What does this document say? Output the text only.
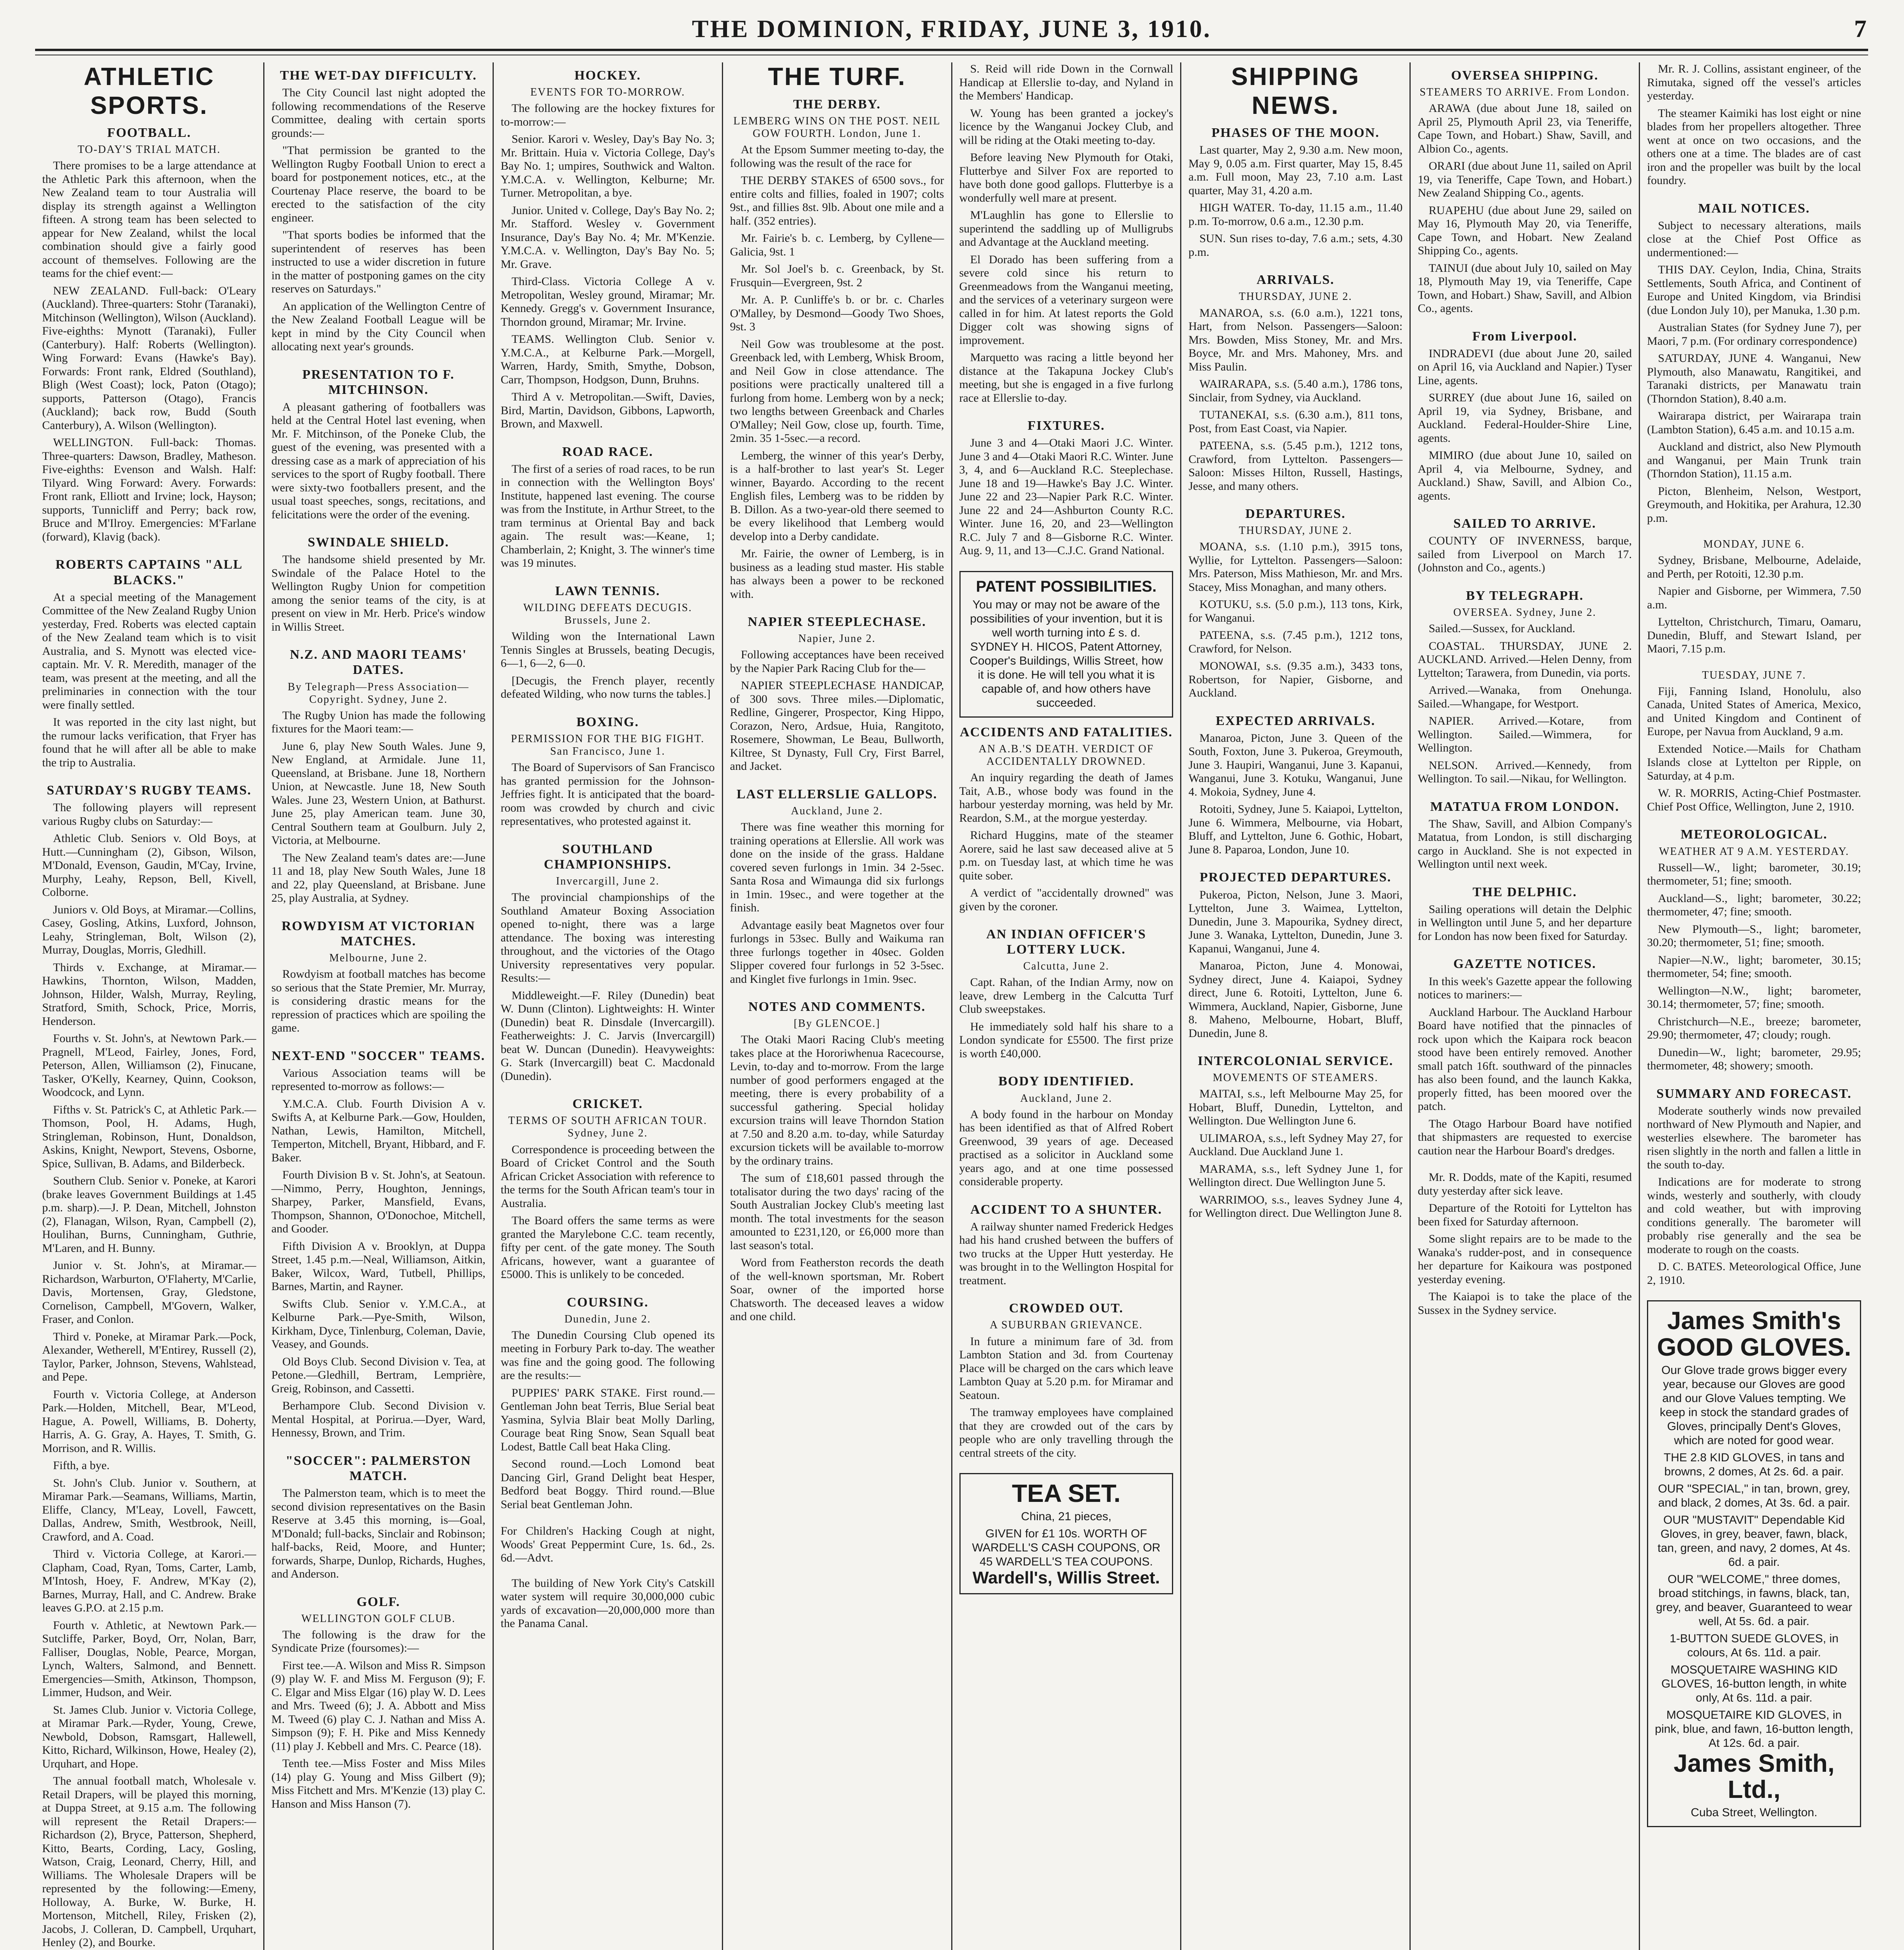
THE DOMINION, FRIDAY, JUNE 3, 1910.	7
ATHLETIC SPORTS.
FOOTBALL.
TO-DAY'S TRIAL MATCH.

There promises to be a large attendance at the Athletic Park this afternoon, when the New Zealand team to tour Australia will display its strength against a Wellington fifteen. A strong team has been selected to appear for New Zealand, whilst the local combination should give a fairly good account of themselves. Following are the teams for the chief event:—

NEW ZEALAND. Full-back: O'Leary (Auckland). Three-quarters: Stohr (Taranaki), Mitchinson (Wellington), Wilson (Auckland). Five-eighths: Mynott (Taranaki), Fuller (Canterbury). Half: Roberts (Wellington). Wing Forward: Evans (Hawke's Bay). Forwards: Front rank, Eldred (Southland), Bligh (West Coast); lock, Paton (Otago); supports, Patterson (Otago), Francis (Auckland); back row, Budd (South Canterbury), A. Wilson (Wellington).

WELLINGTON. Full-back: Thomas. Three-quarters: Dawson, Bradley, Matheson. Five-eighths: Evenson and Walsh. Half: Tilyard. Wing Forward: Avery. Forwards: Front rank, Elliott and Irvine; lock, Hayson; supports, Tunnicliff and Perry; back row, Bruce and M'Ilroy. Emergencies: M'Farlane (forward), Klavig (back).

ROBERTS CAPTAINS "ALL BLACKS."

At a special meeting of the Management Committee of the New Zealand Rugby Union yesterday, Fred. Roberts was elected captain of the New Zealand team which is to visit Australia, and S. Mynott was elected vice-captain. Mr. V. R. Meredith, manager of the team, was present at the meeting, and all the preliminaries in connection with the tour were finally settled.

It was reported in the city last night, but the rumour lacks verification, that Fryer has found that he will after all be able to make the trip to Australia.

SATURDAY'S RUGBY TEAMS.

The following players will represent various Rugby clubs on Saturday:—

Athletic Club. Seniors v. Old Boys, at Hutt.—Cunningham (2), Gibson, Wilson, M'Donald, Evenson, Gaudin, M'Cay, Irvine, Murphy, Leahy, Repson, Bell, Kivell, Colborne.

Juniors v. Old Boys, at Miramar.—Collins, Casey, Gosling, Atkins, Luxford, Johnson, Leahy, Stringleman, Bolt, Wilson (2), Murray, Douglas, Morris, Gledhill.

Thirds v. Exchange, at Miramar.—Hawkins, Thornton, Wilson, Madden, Johnson, Hilder, Walsh, Murray, Reyling, Stratford, Smith, Schock, Price, Morris, Henderson.

Fourths v. St. John's, at Newtown Park.—Pragnell, M'Leod, Fairley, Jones, Ford, Peterson, Allen, Williamson (2), Finucane, Tasker, O'Kelly, Kearney, Quinn, Cookson, Woodcock, and Lynn.

Fifths v. St. Patrick's C, at Athletic Park.—Thomson, Pool, H. Adams, Hugh, Stringleman, Robinson, Hunt, Donaldson, Askins, Knight, Newport, Stevens, Osborne, Spice, Sullivan, B. Adams, and Bilderbeck.

Southern Club. Senior v. Poneke, at Karori (brake leaves Government Buildings at 1.45 p.m. sharp).—J. P. Dean, Mitchell, Johnston (2), Flanagan, Wilson, Ryan, Campbell (2), Houlihan, Burns, Cunningham, Guthrie, M'Laren, and H. Bunny.

Junior v. St. John's, at Miramar.—Richardson, Warburton, O'Flaherty, M'Carlie, Davis, Mortensen, Gray, Gledstone, Cornelison, Campbell, M'Govern, Walker, Fraser, and Conlon.

Third v. Poneke, at Miramar Park.—Pock, Alexander, Wetherell, M'Entirey, Russell (2), Taylor, Parker, Johnson, Stevens, Wahlstead, and Pepe.

Fourth v. Victoria College, at Anderson Park.—Holden, Mitchell, Bear, M'Leod, Hague, A. Powell, Williams, B. Doherty, Harris, A. G. Gray, A. Hayes, T. Smith, G. Morrison, and R. Willis.

Fifth, a bye.

St. John's Club. Junior v. Southern, at Miramar Park.—Seamans, Williams, Martin, Eliffe, Clancy, M'Leay, Lovell, Fawcett, Dallas, Andrew, Smith, Westbrook, Neill, Crawford, and A. Coad.

Third v. Victoria College, at Karori.—Clapham, Coad, Ryan, Toms, Carter, Lamb, M'Intosh, Hoey, F. Andrew, M'Kay (2), Barnes, Murray, Hall, and C. Andrew. Brake leaves G.P.O. at 2.15 p.m.

Fourth v. Athletic, at Newtown Park.—Sutcliffe, Parker, Boyd, Orr, Nolan, Barr, Falliser, Douglas, Noble, Pearce, Morgan, Lynch, Walters, Salmond, and Bennett. Emergencies—Smith, Atkinson, Thompson, Limmer, Hudson, and Weir.

St. James Club. Junior v. Victoria College, at Miramar Park.—Ryder, Young, Crewe, Newbold, Dobson, Ramsgart, Hallewell, Kitto, Richard, Wilkinson, Howe, Healey (2), Urquhart, and Hope.

The annual football match, Wholesale v. Retail Drapers, will be played this morning, at Duppa Street, at 9.15 a.m. The following will represent the Retail Drapers:—Richardson (2), Bryce, Patterson, Shepherd, Kitto, Bearts, Cording, Lacy, Gosling, Watson, Craig, Leonard, Cherry, Hill, and Williams. The Wholesale Drapers will be represented by the following:—Emeny, Holloway, A. Burke, W. Burke, H. Mortenson, Mitchell, Riley, Frisken (2), Jacobs, J. Colleran, D. Campbell, Urquhart, Henley (2), and Bourke.

THE WET-DAY DIFFICULTY.

The City Council last night adopted the following recommendations of the Reserve Committee, dealing with certain sports grounds:—

"That permission be granted to the Wellington Rugby Football Union to erect a board for postponement notices, etc., at the Courtenay Place reserve, the board to be erected to the satisfaction of the city engineer.

"That sports bodies be informed that the superintendent of reserves has been instructed to use a wider discretion in future in the matter of postponing games on the city reserves on Saturdays."

An application of the Wellington Centre of the New Zealand Football League will be kept in mind by the City Council when allocating next year's grounds.

PRESENTATION TO F. MITCHINSON.

A pleasant gathering of footballers was held at the Central Hotel last evening, when Mr. F. Mitchinson, of the Poneke Club, the guest of the evening, was presented with a dressing case as a mark of appreciation of his services to the sport of Rugby football. There were sixty-two footballers present, and the usual toast speeches, songs, recitations, and felicitations were the order of the evening.

SWINDALE SHIELD.

The handsome shield presented by Mr. Swindale of the Palace Hotel to the Wellington Rugby Union for competition among the senior teams of the city, is at present on view in Mr. Herb. Price's window in Willis Street.

N.Z. AND MAORI TEAMS' DATES.
By Telegraph—Press Association—Copyright. Sydney, June 2.

The Rugby Union has made the following fixtures for the Maori team:—

June 6, play New South Wales. June 9, New England, at Armidale. June 11, Queensland, at Brisbane. June 18, Northern Union, at Newcastle. June 18, New South Wales. June 23, Western Union, at Bathurst. June 25, play American team. June 30, Central Southern team at Goulburn. July 2, Victoria, at Melbourne.

The New Zealand team's dates are:—June 11 and 18, play New South Wales, June 18 and 22, play Queensland, at Brisbane. June 25, play Australia, at Sydney.

ROWDYISM AT VICTORIAN MATCHES.
Melbourne, June 2.

Rowdyism at football matches has become so serious that the State Premier, Mr. Murray, is considering drastic means for the repression of practices which are spoiling the game.

NEXT-END "SOCCER" TEAMS.

Various Association teams will be represented to-morrow as follows:—

Y.M.C.A. Club. Fourth Division A v. Swifts A, at Kelburne Park.—Gow, Houlden, Nathan, Lewis, Hamilton, Mitchell, Temperton, Mitchell, Bryant, Hibbard, and F. Baker.

Fourth Division B v. St. John's, at Seatoun.—Nimmo, Perry, Houghton, Jennings, Sharpey, Parker, Mansfield, Evans, Thompson, Shannon, O'Donochoe, Mitchell, and Gooder.

Fifth Division A v. Brooklyn, at Duppa Street, 1.45 p.m.—Neal, Williamson, Aitkin, Baker, Wilcox, Ward, Tutbell, Phillips, Barnes, Martin, and Rayner.

Swifts Club. Senior v. Y.M.C.A., at Kelburne Park.—Pye-Smith, Wilson, Kirkham, Dyce, Tinlenburg, Coleman, Davie, Veasey, and Gounds.

Old Boys Club. Second Division v. Tea, at Petone.—Gledhill, Bertram, Lemprière, Greig, Robinson, and Cassetti.

Berhampore Club. Second Division v. Mental Hospital, at Porirua.—Dyer, Ward, Hennessy, Brown, and Trim.

"SOCCER": PALMERSTON MATCH.

The Palmerston team, which is to meet the second division representatives on the Basin Reserve at 3.45 this morning, is—Goal, M'Donald; full-backs, Sinclair and Robinson; half-backs, Reid, Moore, and Hunter; forwards, Sharpe, Dunlop, Richards, Hughes, and Anderson.

GOLF.
WELLINGTON GOLF CLUB.

The following is the draw for the Syndicate Prize (foursomes):—

First tee.—A. Wilson and Miss R. Simpson (9) play W. F. and Miss M. Ferguson (9); F. C. Elgar and Miss Elgar (16) play W. D. Lees and Mrs. Tweed (6); J. A. Abbott and Miss M. Tweed (6) play C. J. Nathan and Miss A. Simpson (9); F. H. Pike and Miss Kennedy (11) play J. Kebbell and Mrs. C. Pearce (18).

Tenth tee.—Miss Foster and Miss Miles (14) play G. Young and Miss Gilbert (9); Miss Fitchett and Mrs. M'Kenzie (13) play C. Hanson and Miss Hanson (7).

HOCKEY.
EVENTS FOR TO-MORROW.

The following are the hockey fixtures for to-morrow:—

Senior. Karori v. Wesley, Day's Bay No. 3; Mr. Brittain. Huia v. Victoria College, Day's Bay No. 1; umpires, Southwick and Walton. Y.M.C.A. v. Wellington, Kelburne; Mr. Turner. Metropolitan, a bye.

Junior. United v. College, Day's Bay No. 2; Mr. Stafford. Wesley v. Government Insurance, Day's Bay No. 4; Mr. M'Kenzie. Y.M.C.A. v. Wellington, Day's Bay No. 5; Mr. Grave.

Third-Class. Victoria College A v. Metropolitan, Wesley ground, Miramar; Mr. Kennedy. Gregg's v. Government Insurance, Thorndon ground, Miramar; Mr. Irvine.

TEAMS. Wellington Club. Senior v. Y.M.C.A., at Kelburne Park.—Morgell, Warren, Hardy, Smith, Smythe, Dobson, Carr, Thompson, Hodgson, Dunn, Bruhns.

Third A v. Metropolitan.—Swift, Davies, Bird, Martin, Davidson, Gibbons, Lapworth, Brown, and Maxwell.

ROAD RACE.

The first of a series of road races, to be run in connection with the Wellington Boys' Institute, happened last evening. The course was from the Institute, in Arthur Street, to the tram terminus at Oriental Bay and back again. The result was:—Keane, 1; Chamberlain, 2; Knight, 3. The winner's time was 19 minutes.

LAWN TENNIS.
WILDING DEFEATS DECUGIS. Brussels, June 2.

Wilding won the International Lawn Tennis Singles at Brussels, beating Decugis, 6—1, 6—2, 6—0.

[Decugis, the French player, recently defeated Wilding, who now turns the tables.]

BOXING.
PERMISSION FOR THE BIG FIGHT. San Francisco, June 1.

The Board of Supervisors of San Francisco has granted permission for the Johnson-Jeffries fight. It is anticipated that the board-room was crowded by church and civic representatives, who protested against it.

SOUTHLAND CHAMPIONSHIPS.
Invercargill, June 2.

The provincial championships of the Southland Amateur Boxing Association opened to-night, there was a large attendance. The boxing was interesting throughout, and the victories of the Otago University representatives very popular. Results:—

Middleweight.—F. Riley (Dunedin) beat W. Dunn (Clinton). Lightweights: H. Winter (Dunedin) beat R. Dinsdale (Invercargill). Featherweights: J. C. Jarvis (Invercargill) beat W. Duncan (Dunedin). Heavyweights: G. Stark (Invercargill) beat C. Macdonald (Dunedin).

CRICKET.
TERMS OF SOUTH AFRICAN TOUR. Sydney, June 2.

Correspondence is proceeding between the Board of Cricket Control and the South African Cricket Association with reference to the terms for the South African team's tour in Australia.

The Board offers the same terms as were granted the Marylebone C.C. team recently, fifty per cent. of the gate money. The South Africans, however, want a guarantee of £5000. This is unlikely to be conceded.

COURSING.
Dunedin, June 2.

The Dunedin Coursing Club opened its meeting in Forbury Park to-day. The weather was fine and the going good. The following are the results:—

PUPPIES' PARK STAKE. First round.—Gentleman John beat Terris, Blue Serial beat Yasmina, Sylvia Blair beat Molly Darling, Courage beat Ring Snow, Sean Squall beat Lodest, Battle Call beat Haka Cling.

Second round.—Loch Lomond beat Dancing Girl, Grand Delight beat Hesper, Bedford beat Boggy. Third round.—Blue Serial beat Gentleman John.

For Children's Hacking Cough at night, Woods' Great Peppermint Cure, 1s. 6d., 2s. 6d.—Advt.

The building of New York City's Catskill water system will require 30,000,000 cubic yards of excavation—20,000,000 more than the Panama Canal.

THE TURF.
THE DERBY.
LEMBERG WINS ON THE POST. NEIL GOW FOURTH. London, June 1.

At the Epsom Summer meeting to-day, the following was the result of the race for

THE DERBY STAKES of 6500 sovs., for entire colts and fillies, foaled in 1907; colts 9st., and fillies 8st. 9lb. About one mile and a half. (352 entries).

Mr. Fairie's b. c. Lemberg, by Cyllene—Galicia, 9st. 1

Mr. Sol Joel's b. c. Greenback, by St. Frusquin—Evergreen, 9st. 2

Mr. A. P. Cunliffe's b. or br. c. Charles O'Malley, by Desmond—Goody Two Shoes, 9st. 3

Neil Gow was troublesome at the post. Greenback led, with Lemberg, Whisk Broom, and Neil Gow in close attendance. The positions were practically unaltered till a furlong from home. Lemberg won by a neck; two lengths between Greenback and Charles O'Malley; Neil Gow, close up, fourth. Time, 2min. 35 1-5sec.—a record.

Lemberg, the winner of this year's Derby, is a half-brother to last year's St. Leger winner, Bayardo. According to the recent English files, Lemberg was to be ridden by B. Dillon. As a two-year-old there seemed to be every likelihood that Lemberg would develop into a Derby candidate.

Mr. Fairie, the owner of Lemberg, is in business as a leading stud master. His stable has always been a power to be reckoned with.

NAPIER STEEPLECHASE.
Napier, June 2.

Following acceptances have been received by the Napier Park Racing Club for the—

NAPIER STEEPLECHASE HANDICAP, of 300 sovs. Three miles.—Diplomatic, Redline, Gingerer, Prospector, King Hippo, Corazon, Nero, Ardsue, Huia, Rangitoto, Rosemere, Showman, Le Beau, Bullworth, Kiltree, St Dynasty, Full Cry, First Barrel, and Jacket.

LAST ELLERSLIE GALLOPS.
Auckland, June 2.

There was fine weather this morning for training operations at Ellerslie. All work was done on the inside of the grass. Haldane covered seven furlongs in 1min. 34 2-5sec. Santa Rosa and Wimaunga did six furlongs in 1min. 19sec., and were together at the finish.

Advantage easily beat Magnetos over four furlongs in 53sec. Bully and Waikuma ran three furlongs together in 40sec. Golden Slipper covered four furlongs in 52 3-5sec. and Kinglet five furlongs in 1min. 9sec.

NOTES AND COMMENTS.
[By GLENCOE.]

The Otaki Maori Racing Club's meeting takes place at the Hororiwhenua Racecourse, Levin, to-day and to-morrow. From the large number of good performers engaged at the meeting, there is every probability of a successful gathering. Special holiday excursion trains will leave Thorndon Station at 7.50 and 8.20 a.m. to-day, while Saturday excursion tickets will be available to-morrow by the ordinary trains.

The sum of £18,601 passed through the totalisator during the two days' racing of the South Australian Jockey Club's meeting last month. The total investments for the season amounted to £231,120, or £6,000 more than last season's total.

Word from Featherston records the death of the well-known sportsman, Mr. Robert Soar, owner of the imported horse Chatsworth. The deceased leaves a widow and one child.

S. Reid will ride Down in the Cornwall Handicap at Ellerslie to-day, and Nyland in the Members' Handicap.

W. Young has been granted a jockey's licence by the Wanganui Jockey Club, and will be riding at the Otaki meeting to-day.

Before leaving New Plymouth for Otaki, Flutterbye and Silver Fox are reported to have both done good gallops. Flutterbye is a wonderfully well mare at present.

M'Laughlin has gone to Ellerslie to superintend the saddling up of Mulligrubs and Advantage at the Auckland meeting.

El Dorado has been suffering from a severe cold since his return to Greenmeadows from the Wanganui meeting, and the services of a veterinary surgeon were called in for him. At latest reports the Gold Digger colt was showing signs of improvement.

Marquetto was racing a little beyond her distance at the Takapuna Jockey Club's meeting, but she is engaged in a five furlong race at Ellerslie to-day.

FIXTURES.

June 3 and 4—Otaki Maori J.C. Winter. June 3 and 4—Otaki Maori R.C. Winter. June 3, 4, and 6—Auckland R.C. Steeplechase. June 18 and 19—Hawke's Bay J.C. Winter. June 22 and 23—Napier Park R.C. Winter. June 22 and 24—Ashburton County R.C. Winter. June 16, 20, and 23—Wellington R.C. July 7 and 8—Gisborne R.C. Winter. Aug. 9, 11, and 13—C.J.C. Grand National.

PATENT POSSIBILITIES.
You may or may not be aware of the possibilities of your invention, but it is well worth turning into £ s. d. SYDNEY H. HICOS, Patent Attorney, Cooper's Buildings, Willis Street, how it is done. He will tell you what it is capable of, and how others have succeeded.
ACCIDENTS AND FATALITIES.
AN A.B.'S DEATH. VERDICT OF ACCIDENTALLY DROWNED.

An inquiry regarding the death of James Tait, A.B., whose body was found in the harbour yesterday morning, was held by Mr. Reardon, S.M., at the morgue yesterday.

Richard Huggins, mate of the steamer Aorere, said he last saw deceased alive at 5 p.m. on Tuesday last, at which time he was quite sober.

A verdict of "accidentally drowned" was given by the coroner.

AN INDIAN OFFICER'S LOTTERY LUCK.
Calcutta, June 2.

Capt. Rahan, of the Indian Army, now on leave, drew Lemberg in the Calcutta Turf Club sweepstakes.

He immediately sold half his share to a London syndicate for £5500. The first prize is worth £40,000.

BODY IDENTIFIED.
Auckland, June 2.

A body found in the harbour on Monday has been identified as that of Alfred Robert Greenwood, 39 years of age. Deceased practised as a solicitor in Auckland some years ago, and at one time possessed considerable property.

ACCIDENT TO A SHUNTER.

A railway shunter named Frederick Hedges had his hand crushed between the buffers of two trucks at the Upper Hutt yesterday. He was brought in to the Wellington Hospital for treatment.

CROWDED OUT.
A SUBURBAN GRIEVANCE.

In future a minimum fare of 3d. from Lambton Station and 3d. from Courtenay Place will be charged on the cars which leave Lambton Quay at 5.20 p.m. for Miramar and Seatoun.

The tramway employees have complained that they are crowded out of the cars by people who are only travelling through the central streets of the city.

TEA SET.
China, 21 pieces,
GIVEN for £1 10s. WORTH OF WARDELL'S CASH COUPONS, OR 45 WARDELL'S TEA COUPONS.
Wardell's, Willis Street.
SHIPPING NEWS.
PHASES OF THE MOON.

Last quarter, May 2, 9.30 a.m. New moon, May 9, 0.05 a.m. First quarter, May 15, 8.45 a.m. Full moon, May 23, 7.10 a.m. Last quarter, May 31, 4.20 a.m.

HIGH WATER. To-day, 11.15 a.m., 11.40 p.m. To-morrow, 0.6 a.m., 12.30 p.m.

SUN. Sun rises to-day, 7.6 a.m.; sets, 4.30 p.m.

ARRIVALS.
THURSDAY, JUNE 2.

MANAROA, s.s. (6.0 a.m.), 1221 tons, Hart, from Nelson. Passengers—Saloon: Mrs. Bowden, Miss Stoney, Mr. and Mrs. Boyce, Mr. and Mrs. Mahoney, Mrs. and Miss Paulin.

WAIRARAPA, s.s. (5.40 a.m.), 1786 tons, Sinclair, from Sydney, via Auckland.

TUTANEKAI, s.s. (6.30 a.m.), 811 tons, Post, from East Coast, via Napier.

PATEENA, s.s. (5.45 p.m.), 1212 tons, Crawford, from Lyttelton. Passengers—Saloon: Misses Hilton, Russell, Hastings, Jesse, and many others.

DEPARTURES.
THURSDAY, JUNE 2.

MOANA, s.s. (1.10 p.m.), 3915 tons, Wyllie, for Lyttelton. Passengers—Saloon: Mrs. Paterson, Miss Mathieson, Mr. and Mrs. Stacey, Miss Monaghan, and many others.

KOTUKU, s.s. (5.0 p.m.), 113 tons, Kirk, for Wanganui.

PATEENA, s.s. (7.45 p.m.), 1212 tons, Crawford, for Nelson.

MONOWAI, s.s. (9.35 a.m.), 3433 tons, Robertson, for Napier, Gisborne, and Auckland.

EXPECTED ARRIVALS.

Manaroa, Picton, June 3. Queen of the South, Foxton, June 3. Pukeroa, Greymouth, June 3. Haupiri, Wanganui, June 3. Kapanui, Wanganui, June 3. Kotuku, Wanganui, June 4. Mokoia, Sydney, June 4.

Rotoiti, Sydney, June 5. Kaiapoi, Lyttelton, June 6. Wimmera, Melbourne, via Hobart, Bluff, and Lyttelton, June 6. Gothic, Hobart, June 8. Paparoa, London, June 10.

PROJECTED DEPARTURES.

Pukeroa, Picton, Nelson, June 3. Maori, Lyttelton, June 3. Waimea, Lyttelton, Dunedin, June 3. Mapourika, Sydney direct, June 3. Wanaka, Lyttelton, Dunedin, June 3. Kapanui, Wanganui, June 4.

Manaroa, Picton, June 4. Monowai, Sydney direct, June 4. Kaiapoi, Sydney direct, June 6. Rotoiti, Lyttelton, June 6. Wimmera, Auckland, Napier, Gisborne, June 8. Maheno, Melbourne, Hobart, Bluff, Dunedin, June 8.

INTERCOLONIAL SERVICE.
MOVEMENTS OF STEAMERS.

MAITAI, s.s., left Melbourne May 25, for Hobart, Bluff, Dunedin, Lyttelton, and Wellington. Due Wellington June 6.

ULIMAROA, s.s., left Sydney May 27, for Auckland. Due Auckland June 1.

MARAMA, s.s., left Sydney June 1, for Wellington direct. Due Wellington June 5.

WARRIMOO, s.s., leaves Sydney June 4, for Wellington direct. Due Wellington June 8.

OVERSEA SHIPPING.
STEAMERS TO ARRIVE. From London.

ARAWA (due about June 18, sailed on April 25, Plymouth April 23, via Teneriffe, Cape Town, and Hobart.) Shaw, Savill, and Albion Co., agents.

ORARI (due about June 11, sailed on April 19, via Teneriffe, Cape Town, and Hobart.) New Zealand Shipping Co., agents.

RUAPEHU (due about June 29, sailed on May 16, Plymouth May 20, via Teneriffe, Cape Town, and Hobart. New Zealand Shipping Co., agents.

TAINUI (due about July 10, sailed on May 18, Plymouth May 19, via Teneriffe, Cape Town, and Hobart.) Shaw, Savill, and Albion Co., agents.

From Liverpool.

INDRADEVI (due about June 20, sailed on April 16, via Auckland and Napier.) Tyser Line, agents.

SURREY (due about June 16, sailed on April 19, via Sydney, Brisbane, and Auckland. Federal-Houlder-Shire Line, agents.

MIMIRO (due about June 10, sailed on April 4, via Melbourne, Sydney, and Auckland.) Shaw, Savill, and Albion Co., agents.

SAILED TO ARRIVE.

COUNTY OF INVERNESS, barque, sailed from Liverpool on March 17. (Johnston and Co., agents.)

BY TELEGRAPH.
OVERSEA. Sydney, June 2.

Sailed.—Sussex, for Auckland.

COASTAL. THURSDAY, JUNE 2. AUCKLAND. Arrived.—Helen Denny, from Lyttelton; Tarawera, from Dunedin, via ports.

Arrived.—Wanaka, from Onehunga. Sailed.—Whangape, for Westport.

NAPIER. Arrived.—Kotare, from Wellington. Sailed.—Wimmera, for Wellington.

NELSON. Arrived.—Kennedy, from Wellington. To sail.—Nikau, for Wellington.

MATATUA FROM LONDON.

The Shaw, Savill, and Albion Company's Matatua, from London, is still discharging cargo in Auckland. She is not expected in Wellington until next week.

THE DELPHIC.

Sailing operations will detain the Delphic in Wellington until June 5, and her departure for London has now been fixed for Saturday.

GAZETTE NOTICES.

In this week's Gazette appear the following notices to mariners:—

Auckland Harbour. The Auckland Harbour Board have notified that the pinnacles of rock upon which the Kaipara rock beacon stood have been entirely removed. Another small patch 16ft. southward of the pinnacles has also been found, and the launch Kakka, properly fitted, has been moored over the patch.

The Otago Harbour Board have notified that shipmasters are requested to exercise caution near the Harbour Board's dredges.

Mr. R. Dodds, mate of the Kapiti, resumed duty yesterday after sick leave.

Departure of the Rotoiti for Lyttelton has been fixed for Saturday afternoon.

Some slight repairs are to be made to the Wanaka's rudder-post, and in consequence her departure for Kaikoura was postponed yesterday evening.

The Kaiapoi is to take the place of the Sussex in the Sydney service.

Mr. R. J. Collins, assistant engineer, of the Rimutaka, signed off the vessel's articles yesterday.

The steamer Kaimiki has lost eight or nine blades from her propellers altogether. Three went at once on two occasions, and the others one at a time. The blades are of cast iron and the propeller was built by the local foundry.

MAIL NOTICES.

Subject to necessary alterations, mails close at the Chief Post Office as undermentioned:—

THIS DAY. Ceylon, India, China, Straits Settlements, South Africa, and Continent of Europe and United Kingdom, via Brindisi (due London July 10), per Manuka, 1.30 p.m.

Australian States (for Sydney June 7), per Maori, 7 p.m. (For ordinary correspondence)

SATURDAY, JUNE 4. Wanganui, New Plymouth, also Manawatu, Rangitikei, and Taranaki districts, per Manawatu train (Thorndon Station), 8.40 a.m.

Wairarapa district, per Wairarapa train (Lambton Station), 6.45 a.m. and 10.15 a.m.

Auckland and district, also New Plymouth and Wanganui, per Main Trunk train (Thorndon Station), 11.15 a.m.

Picton, Blenheim, Nelson, Westport, Greymouth, and Hokitika, per Arahura, 12.30 p.m.

MONDAY, JUNE 6.

Sydney, Brisbane, Melbourne, Adelaide, and Perth, per Rotoiti, 12.30 p.m.

Napier and Gisborne, per Wimmera, 7.50 a.m.

Lyttelton, Christchurch, Timaru, Oamaru, Dunedin, Bluff, and Stewart Island, per Maori, 7.15 p.m.

TUESDAY, JUNE 7.

Fiji, Fanning Island, Honolulu, also Canada, United States of America, Mexico, and United Kingdom and Continent of Europe, per Navua from Auckland, 9 a.m.

Extended Notice.—Mails for Chatham Islands close at Lyttelton per Ripple, on Saturday, at 4 p.m.

W. R. MORRIS, Acting-Chief Postmaster. Chief Post Office, Wellington, June 2, 1910.

METEOROLOGICAL.
WEATHER AT 9 A.M. YESTERDAY.

Russell—W., light; barometer, 30.19; thermometer, 51; fine; smooth.

Auckland—S., light; barometer, 30.22; thermometer, 47; fine; smooth.

New Plymouth—S., light; barometer, 30.20; thermometer, 51; fine; smooth.

Napier—N.W., light; barometer, 30.15; thermometer, 54; fine; smooth.

Wellington—N.W., light; barometer, 30.14; thermometer, 57; fine; smooth.

Christchurch—N.E., breeze; barometer, 29.90; thermometer, 47; cloudy; rough.

Dunedin—W., light; barometer, 29.95; thermometer, 48; showery; smooth.

SUMMARY AND FORECAST.

Moderate southerly winds now prevailed northward of New Plymouth and Napier, and westerlies elsewhere. The barometer has risen slightly in the north and fallen a little in the south to-day.

Indications are for moderate to strong winds, westerly and southerly, with cloudy and cold weather, but with improving conditions generally. The barometer will probably rise generally and the sea be moderate to rough on the coasts.

D. C. BATES. Meteorological Office, June 2, 1910.

James Smith's GOOD GLOVES.
Our Glove trade grows bigger every year, because our Gloves are good and our Glove Values tempting. We keep in stock the standard grades of Gloves, principally Dent's Gloves, which are noted for good wear.
THE 2.8 KID GLOVES, in tans and browns, 2 domes, At 2s. 6d. a pair.
OUR "SPECIAL," in tan, brown, grey, and black, 2 domes, At 3s. 6d. a pair.
OUR "MUSTAVIT" Dependable Kid Gloves, in grey, beaver, fawn, black, tan, green, and navy, 2 domes, At 4s. 6d. a pair.
OUR "WELCOME," three domes, broad stitchings, in fawns, black, tan, grey, and beaver, Guaranteed to wear well, At 5s. 6d. a pair.
1-BUTTON SUEDE GLOVES, in colours, At 6s. 11d. a pair.
MOSQUETAIRE WASHING KID GLOVES, 16-button length, in white only, At 6s. 11d. a pair.
MOSQUETAIRE KID GLOVES, in pink, blue, and fawn, 16-button length, At 12s. 6d. a pair.
James Smith, Ltd.,
Cuba Street, Wellington.
